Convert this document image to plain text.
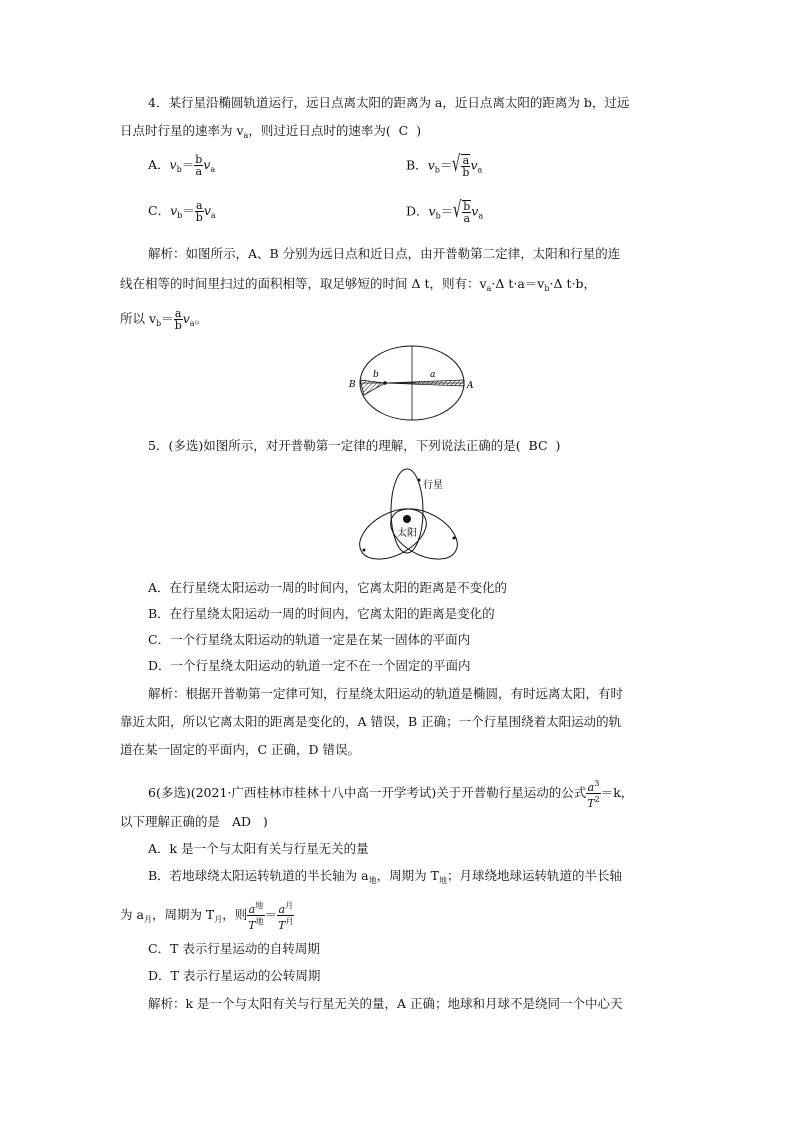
4．某行星沿椭圆轨道运行，远日点离太阳的距离为 a，近日点离太阳的距离为 b，过远
日点时行星的速率为 $v_a$，则过近日点时的速率为( C )
A．$v_b= \frac{b}{a} v_a$	B．$v_b=$ √ $\frac{a}{b} v_a$
C．$v_b= \frac{a}{b} v_a$	D．$v_b=$ √ $\frac{b}{a} v_a$
解析：如图所示，A、B 分别为远日点和近日点，由开普勒第二定律，太阳和行星的连
线在相等的时间里扫过的面积相等，取足够短的时间 Δ t，则有：$v_a\cdot\Delta$ $t\cdot a=v_b\cdot\Delta$ t·b，
所以 $v_b= \frac{a}{b} v_a$。
B
b	a
A
5．(多选)如图所示，对开普勒第一定律的理解，下列说法正确的是( BC )
行星
太阳
A．在行星绕太阳运动一周的时间内，它离太阳的距离是不变化的
B．在行星绕太阳运动一周的时间内，它离太阳的距离是变化的
C．一个行星绕太阳运动的轨道一定是在某一固体的平面内
D．一个行星绕太阳运动的轨道一定不在一个固定的平面内
解析：根据开普勒第一定律可知，行星绕太阳运动的轨道是椭圆，有时远离太阳，有时
靠近太阳，所以它离太阳的距离是变化的，A 错误，B 正确；一个行星围绕着太阳运动的轨
道在某一固定的平面内，C 正确，D 错误。
6(多选)(2021·广西桂林市桂林十八中高一开学考试)关于开普勒行星运动的公式 $\frac{a^3}{T^2} =k$，
以下理解正确的是 AD )
A．k 是一个与太阳有关与行星无关的量
B．若地球绕太阳运转轨道的半长轴为 $a_地$，周期为 $T_地$；月球绕地球运转轨道的半长轴
为 $a_月$，周期为 $T_月$，则 $\frac{a^地}{T^地} = \frac{a^月}{T^月}$
C．T 表示行星运动的自转周期
D．T 表示行星运动的公转周期
解析：k 是一个与太阳有关与行星无关的量，A 正确；地球和月球不是绕同一个中心天
